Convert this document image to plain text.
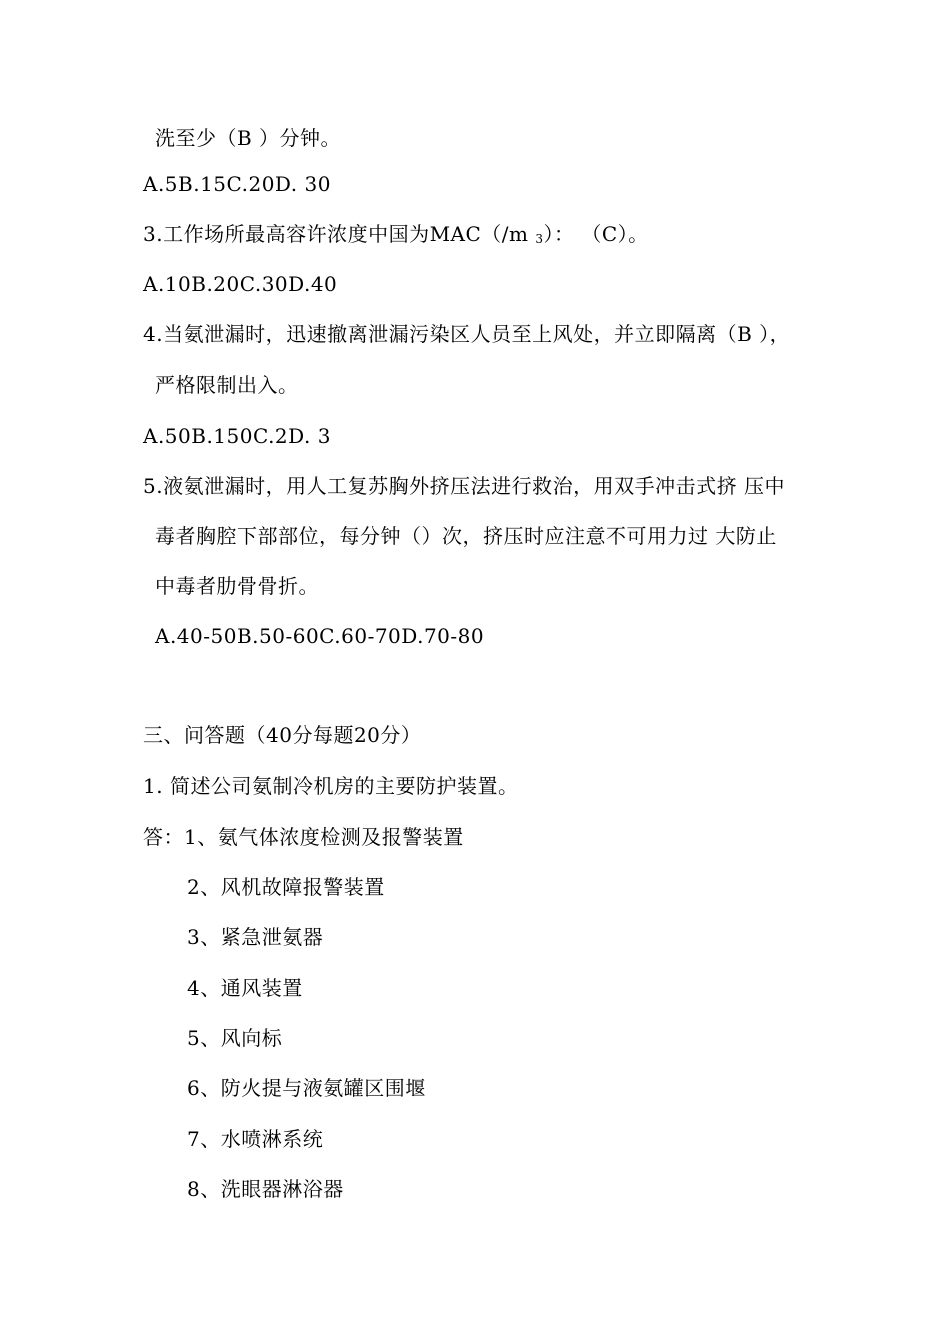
洗至少（B ）分钟。
A.5B.15C.20D. 30
3.工作场所最高容许浓度中国为MAC（/m 3）： （C）。
A.10B.20C.30D.40
4.当氨泄漏时，迅速撤离泄漏污染区人员至上风处，并立即隔离（B ），
严格限制出入。
A.50B.150C.2D. 3
5.液氨泄漏时，用人工复苏胸外挤压法进行救治，用双手冲击式挤 压中
毒者胸腔下部部位，每分钟（）次，挤压时应注意不可用力过 大防止
中毒者肋骨骨折。
A.40-50B.50-60C.60-70D.70-80
三、问答题（40分每题20分）
1. 简述公司氨制冷机房的主要防护装置。
答：1、氨气体浓度检测及报警装置
2、风机故障报警装置
3、紧急泄氨器
4、通风装置
5、风向标
6、防火提与液氨罐区围堰
7、水喷淋系统
8、洗眼器淋浴器
